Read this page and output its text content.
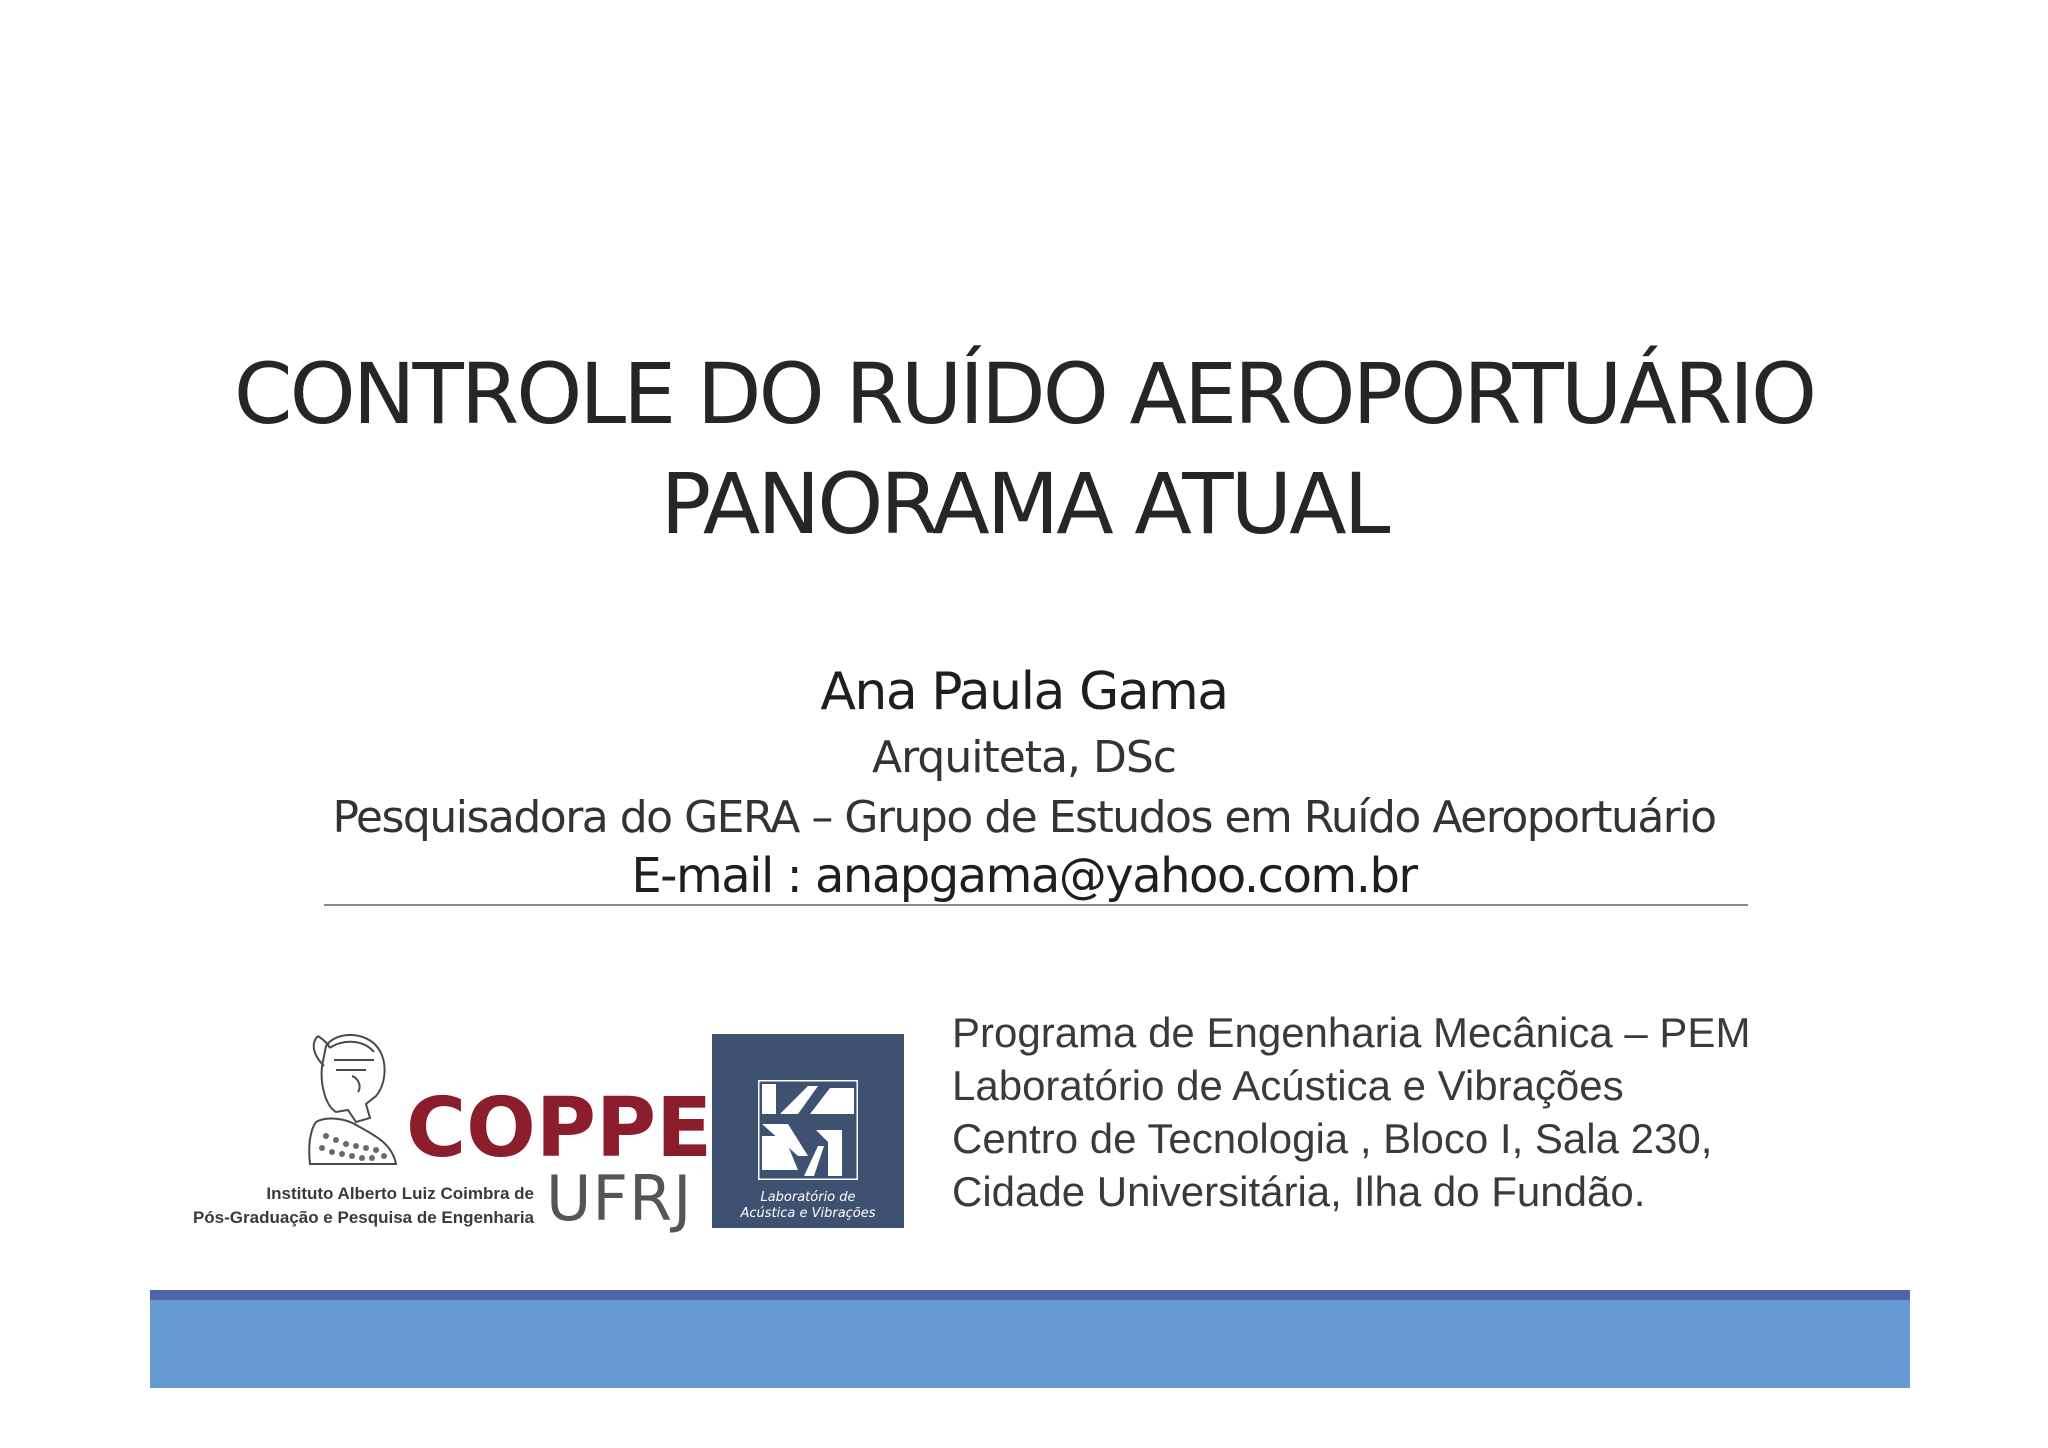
CONTROLE DO RUÍDO AEROPORTUÁRIO
PANORAMA ATUAL
Ana Paula Gama
Arquiteta, DSc
Pesquisadora do GERA – Grupo de Estudos em Ruído Aeroportuário
E-mail : anapgama@yahoo.com.br
COPPE
UFRJ
Instituto Alberto Luiz Coimbra de
Pós-Graduação e Pesquisa de Engenharia
Laboratório de
Acústica e Vibrações
Programa de Engenharia Mecânica – PEM
Laboratório de Acústica e Vibrações
Centro de Tecnologia , Bloco I, Sala 230,
Cidade Universitária, Ilha do Fundão.
